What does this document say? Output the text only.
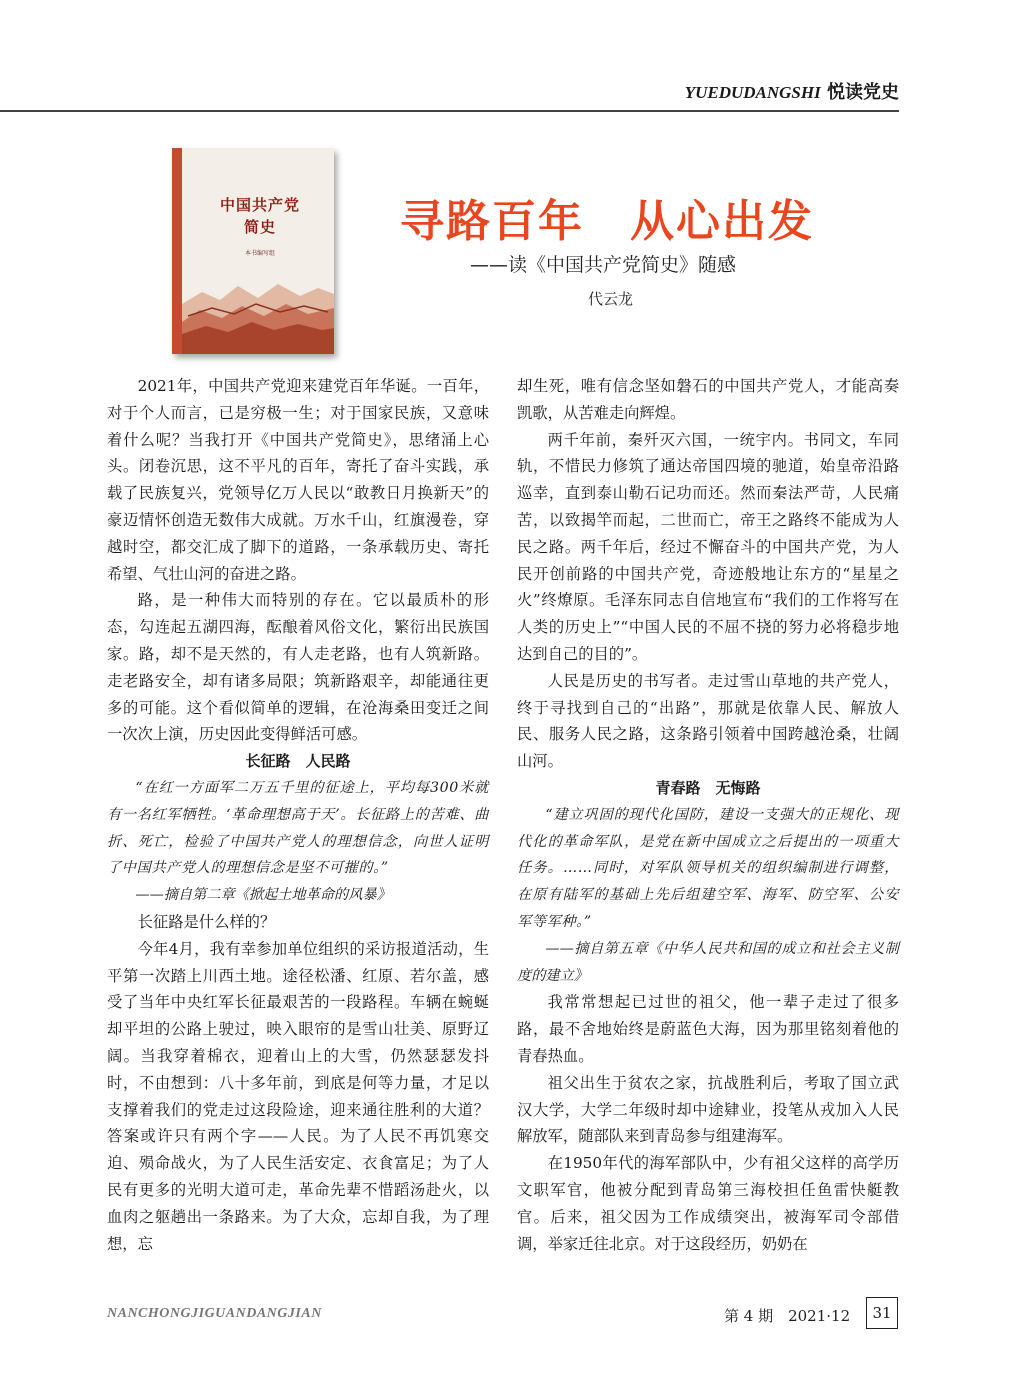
YUEDUDANGSHI 悦读党史
中国共产党
简史
本书编写组
寻路百年　从心出发
——读《中国共产党简史》随感
代云龙

2021年，中国共产党迎来建党百年华诞。一百年，对于个人而言，已是穷极一生；对于国家民族，又意味着什么呢？当我打开《中国共产党简史》，思绪涌上心头。闭卷沉思，这不平凡的百年，寄托了奋斗实践，承载了民族复兴，党领导亿万人民以“敢教日月换新天”的豪迈情怀创造无数伟大成就。万水千山，红旗漫卷，穿越时空，都交汇成了脚下的道路，一条承载历史、寄托希望、气壮山河的奋进之路。

路，是一种伟大而特别的存在。它以最质朴的形态，勾连起五湖四海，酝酿着风俗文化，繁衍出民族国家。路，却不是天然的，有人走老路，也有人筑新路。走老路安全，却有诸多局限；筑新路艰辛，却能通往更多的可能。这个看似简单的逻辑，在沧海桑田变迁之间一次次上演，历史因此变得鲜活可感。

长征路　人民路

“在红一方面军二万五千里的征途上，平均每300米就有一名红军牺牲。‘革命理想高于天’。长征路上的苦难、曲折、死亡，检验了中国共产党人的理想信念，向世人证明了中国共产党人的理想信念是坚不可摧的。”

——摘自第二章《掀起土地革命的风暴》

长征路是什么样的？

今年4月，我有幸参加单位组织的采访报道活动，生平第一次踏上川西土地。途径松潘、红原、若尔盖，感受了当年中央红军长征最艰苦的一段路程。车辆在蜿蜒却平坦的公路上驶过，映入眼帘的是雪山壮美、原野辽阔。当我穿着棉衣，迎着山上的大雪，仍然瑟瑟发抖时，不由想到：八十多年前，到底是何等力量，才足以支撑着我们的党走过这段险途，迎来通往胜利的大道？答案或许只有两个字——人民。为了人民不再饥寒交迫、殒命战火，为了人民生活安定、衣食富足；为了人民有更多的光明大道可走，革命先辈不惜蹈汤赴火，以血肉之躯趟出一条路来。为了大众，忘却自我，为了理想，忘

却生死，唯有信念坚如磐石的中国共产党人，才能高奏凯歌，从苦难走向辉煌。

两千年前，秦歼灭六国，一统宇内。书同文，车同轨，不惜民力修筑了通达帝国四境的驰道，始皇帝沿路巡幸，直到泰山勒石记功而还。然而秦法严苛，人民痛苦，以致揭竿而起，二世而亡，帝王之路终不能成为人民之路。两千年后，经过不懈奋斗的中国共产党，为人民开创前路的中国共产党，奇迹般地让东方的“星星之火”终燎原。毛泽东同志自信地宣布“我们的工作将写在人类的历史上”“中国人民的不屈不挠的努力必将稳步地达到自己的目的”。

人民是历史的书写者。走过雪山草地的共产党人，终于寻找到自己的“出路”，那就是依靠人民、解放人民、服务人民之路，这条路引领着中国跨越沧桑，壮阔山河。

青春路　无悔路

“建立巩固的现代化国防，建设一支强大的正规化、现代化的革命军队，是党在新中国成立之后提出的一项重大任务。……同时，对军队领导机关的组织编制进行调整，在原有陆军的基础上先后组建空军、海军、防空军、公安军等军种。”

——摘自第五章《中华人民共和国的成立和社会主义制度的建立》

我常常想起已过世的祖父，他一辈子走过了很多路，最不舍地始终是蔚蓝色大海，因为那里铭刻着他的青春热血。

祖父出生于贫农之家，抗战胜利后，考取了国立武汉大学，大学二年级时却中途肄业，投笔从戎加入人民解放军，随部队来到青岛参与组建海军。

在1950年代的海军部队中，少有祖父这样的高学历文职军官，他被分配到青岛第三海校担任鱼雷快艇教官。后来，祖父因为工作成绩突出，被海军司令部借调，举家迁往北京。对于这段经历，奶奶在

NANCHONGJIGUANDANGJIAN	第 4 期　2021·12	31
